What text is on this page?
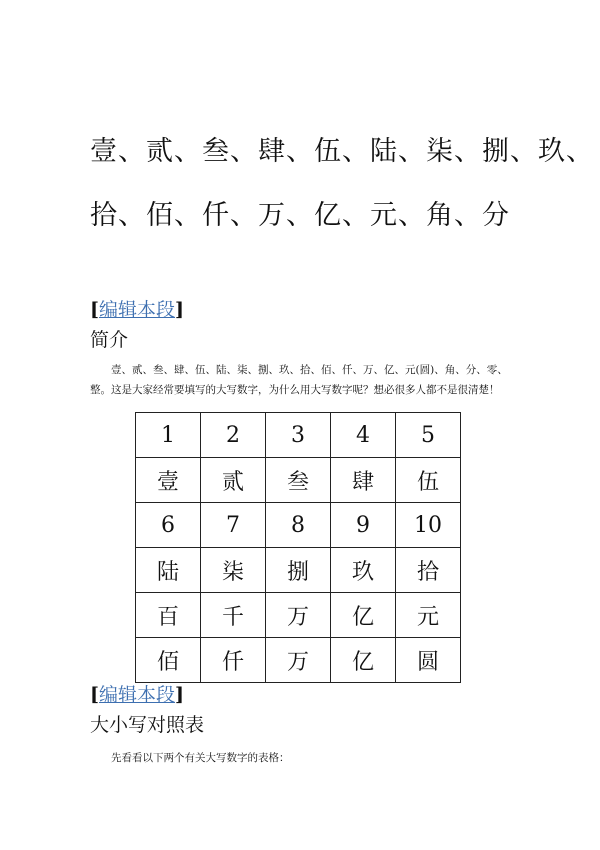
壹、贰、叁、肆、伍、陆、柒、捌、玖、
拾、佰、仟、万、亿、元、角、分
[编辑本段]
简介

壹、贰、叁、肆、伍、陆、柒、捌、玖、拾、佰、仟、万、亿、元(圆)、角、分、零、整。这是大家经常要填写的大写数字，为什么用大写数字呢？想必很多人都不是很清楚！

1	2	3	4	5
壹	贰	叁	肆	伍
6	7	8	9	10
陆	柒	捌	玖	拾
百	千	万	亿	元
佰	仟	万	亿	圆
[编辑本段]
大小写对照表

先看看以下两个有关大写数字的表格：
